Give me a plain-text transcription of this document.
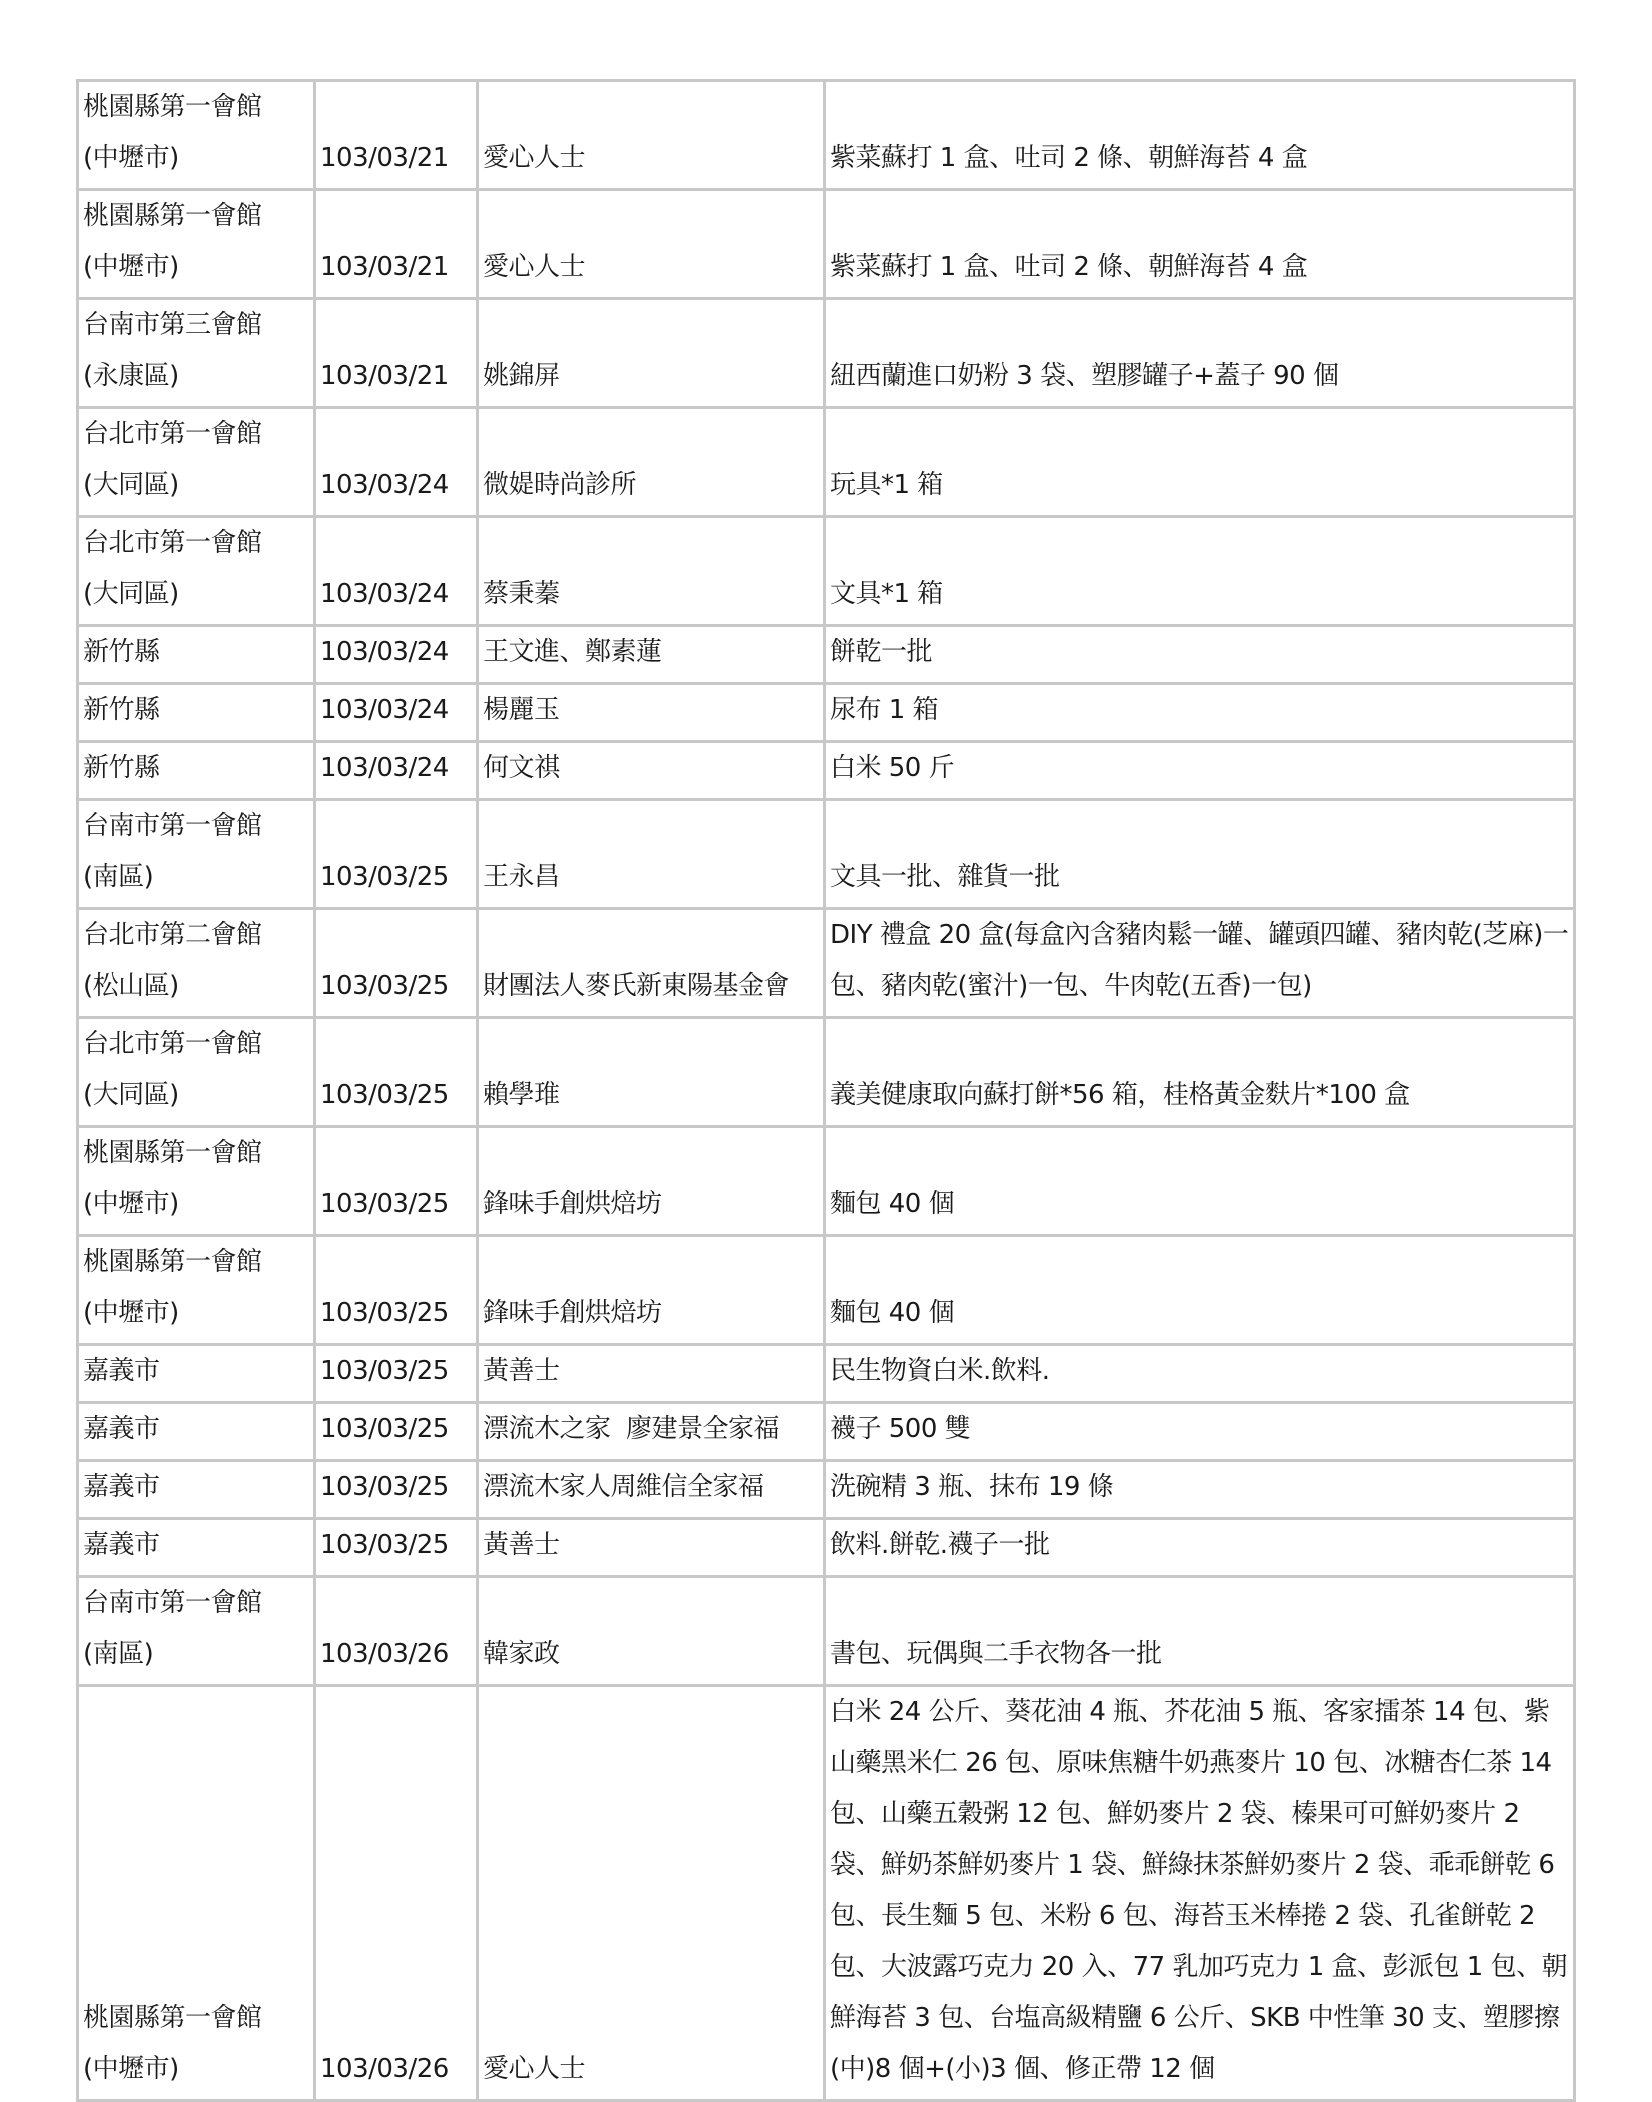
桃園縣第一會館
(中壢市)	103/03/21	愛心人士	紫菜蘇打 1 盒、吐司 2 條、朝鮮海苔 4 盒
桃園縣第一會館
(中壢市)	103/03/21	愛心人士	紫菜蘇打 1 盒、吐司 2 條、朝鮮海苔 4 盒
台南市第三會館
(永康區)	103/03/21	姚錦屏	紐西蘭進口奶粉 3 袋、塑膠罐子+蓋子 90 個
台北市第一會館
(大同區)	103/03/24	微媞時尚診所	玩具*1 箱
台北市第一會館
(大同區)	103/03/24	蔡秉蓁	文具*1 箱
新竹縣	103/03/24	王文進、鄭素蓮	餅乾一批
新竹縣	103/03/24	楊麗玉	尿布 1 箱
新竹縣	103/03/24	何文祺	白米 50 斤
台南市第一會館
(南區)	103/03/25	王永昌	文具一批、雜貨一批
台北市第二會館
(松山區)	103/03/25	財團法人麥氏新東陽基金會	DIY 禮盒 20 盒(每盒內含豬肉鬆一罐、罐頭四罐、豬肉乾(芝麻)一包、豬肉乾(蜜汁)一包、牛肉乾(五香)一包)
台北市第一會館
(大同區)	103/03/25	賴學琟	義美健康取向蘇打餅*56 箱，桂格黃金麩片*100 盒
桃園縣第一會館
(中壢市)	103/03/25	鋒味手創烘焙坊	麵包 40 個
桃園縣第一會館
(中壢市)	103/03/25	鋒味手創烘焙坊	麵包 40 個
嘉義市	103/03/25	黃善士	民生物資白米.飲料.
嘉義市	103/03/25	漂流木之家  廖建景全家福	襪子 500 雙
嘉義市	103/03/25	漂流木家人周維信全家福	洗碗精 3 瓶、抹布 19 條
嘉義市	103/03/25	黃善士	飲料.餅乾.襪子一批
台南市第一會館
(南區)	103/03/26	韓家政	書包、玩偶與二手衣物各一批
桃園縣第一會館
(中壢市)	103/03/26	愛心人士	白米 24 公斤、葵花油 4 瓶、芥花油 5 瓶、客家擂茶 14 包、紫山藥黑米仁 26 包、原味焦糖牛奶燕麥片 10 包、冰糖杏仁茶 14 包、山藥五穀粥 12 包、鮮奶麥片 2 袋、榛果可可鮮奶麥片 2 袋、鮮奶茶鮮奶麥片 1 袋、鮮綠抹茶鮮奶麥片 2 袋、乖乖餅乾 6 包、長生麵 5 包、米粉 6 包、海苔玉米棒捲 2 袋、孔雀餅乾 2 包、大波露巧克力 20 入、77 乳加巧克力 1 盒、彭派包 1 包、朝鮮海苔 3 包、台塩高級精鹽 6 公斤、SKB 中性筆 30 支、塑膠擦(中)8 個+(小)3 個、修正帶 12 個
